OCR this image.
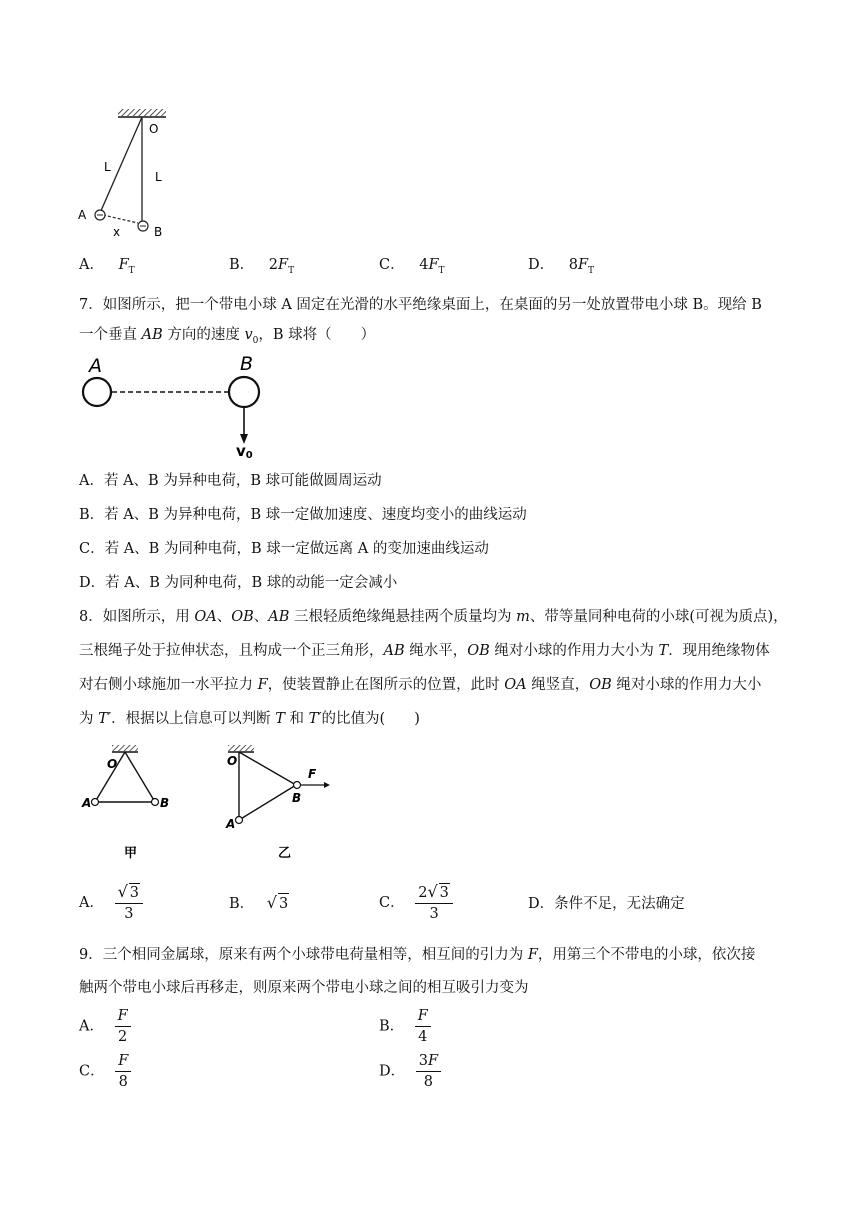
O
L
L
A
x	B
A． $F_T$	B． $2F_T$	C． $4F_T$	D． $8F_T$
7．如图所示，把一个带电小球 A 固定在光滑的水平绝缘桌面上，在桌面的另一处放置带电小球 B。现给 B
一个垂直 AB 方向的速度 $v_0$，B 球将（　　）
A	B
v0
A．若 A、B 为异种电荷，B 球可能做圆周运动
B．若 A、B 为异种电荷，B 球一定做加速度、速度均变小的曲线运动
C．若 A、B 为同种电荷，B 球一定做远离 A 的变加速曲线运动
D．若 A、B 为同种电荷，B 球的动能一定会减小
8．如图所示，用 OA、OB、AB 三根轻质绝缘绳悬挂两个质量均为 m、带等量同种电荷的小球(可视为质点)，
三根绳子处于拉伸状态，且构成一个正三角形，AB 绳水平，OB 绳对小球的作用力大小为 T．现用绝缘物体
对右侧小球施加一水平拉力 F，使装置静止在图所示的位置，此时 OA 绳竖直，OB 绳对小球的作用力大小
为 T′．根据以上信息可以判断 T 和 T′的比值为(　　)
O
A	B
甲
O
A
B
F
乙
A． $\frac{√ 3}{3}$	B． √ 3	C． $\frac{2√ 3}{3}$	D．条件不足，无法确定
9．三个相同金属球，原来有两个小球带电荷量相等，相互间的引力为 F，用第三个不带电的小球，依次接
触两个带电小球后再移走，则原来两个带电小球之间的相互吸引力变为
A． $\frac{F}{2}$	B． $\frac{F}{4}$
C． $\frac{F}{8}$	D． $\frac{3F}{8}$
